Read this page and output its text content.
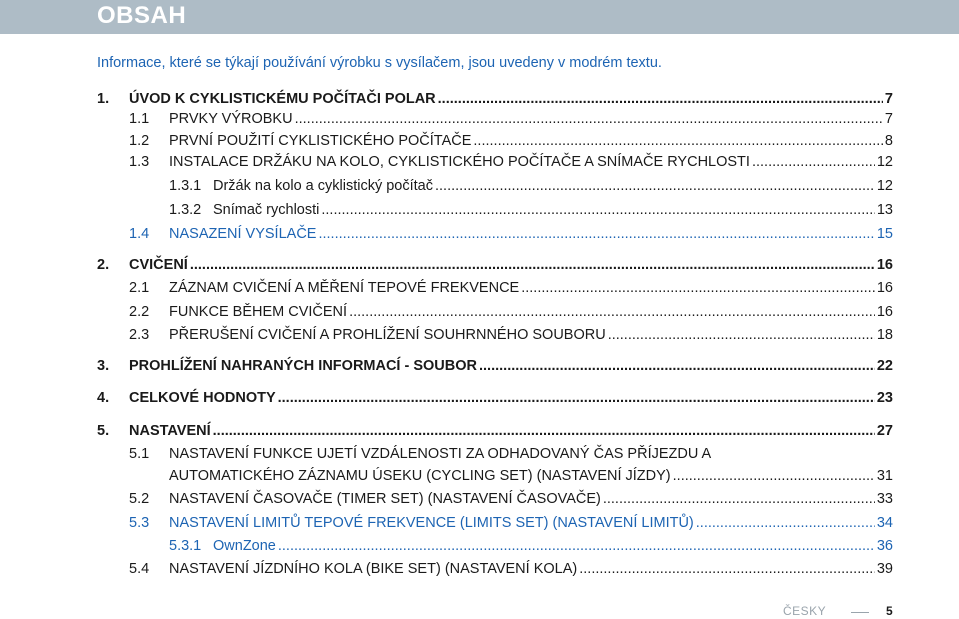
OBSAH
Informace, které se týkají používání výrobku s vysílačem, jsou uvedeny v modrém textu.
1.	ÚVOD K CYKLISTICKÉMU POČÍTAČI POLAR .....	7
1.1	PRVKY VÝROBKU .....	7
1.2	PRVNÍ POUŽITÍ CYKLISTICKÉHO POČÍTAČE .....	8
1.3	INSTALACE DRŽÁKU NA KOLO, CYKLISTICKÉHO POČÍTAČE A SNÍMAČE RYCHLOSTI .....	12
1.3.1 Držák na kolo a cyklistický počítač .....	12
1.3.2 Snímač rychlosti .....	13
1.4	NASAZENÍ VYSÍLAČE .....	15
2.	CVIČENÍ .....	16
2.1	ZÁZNAM CVIČENÍ A MĚŘENÍ TEPOVÉ FREKVENCE .....	16
2.2	FUNKCE BĚHEM CVIČENÍ .....	16
2.3	PŘERUŠENÍ CVIČENÍ A PROHLÍŽENÍ SOUHRNNÉHO SOUBORU .....	18
3.	PROHLÍŽENÍ NAHRANÝCH INFORMACÍ - SOUBOR .....	22
4.	CELKOVÉ HODNOTY .....	23
5.	NASTAVENÍ .....	27
5.1 NASTAVENÍ FUNKCE UJETÍ VZDÁLENOSTI ZA ODHADOVANÝ ČAS PŘÍJEZDU A
AUTOMATICKÉHO ZÁZNAMU ÚSEKU (CYCLING SET) (NASTAVENÍ JÍZDY) .....	31
5.2	NASTAVENÍ ČASOVAČE (TIMER SET) (NASTAVENÍ ČASOVAČE) .....	33
5.3	NASTAVENÍ LIMITŮ TEPOVÉ FREKVENCE (LIMITS SET) (NASTAVENÍ LIMITŮ) .....	34
5.3.1 OwnZone .....	36
5.4	NASTAVENÍ JÍZDNÍHO KOLA (BIKE SET) (NASTAVENÍ KOLA) .....	39
ČESKY	5
